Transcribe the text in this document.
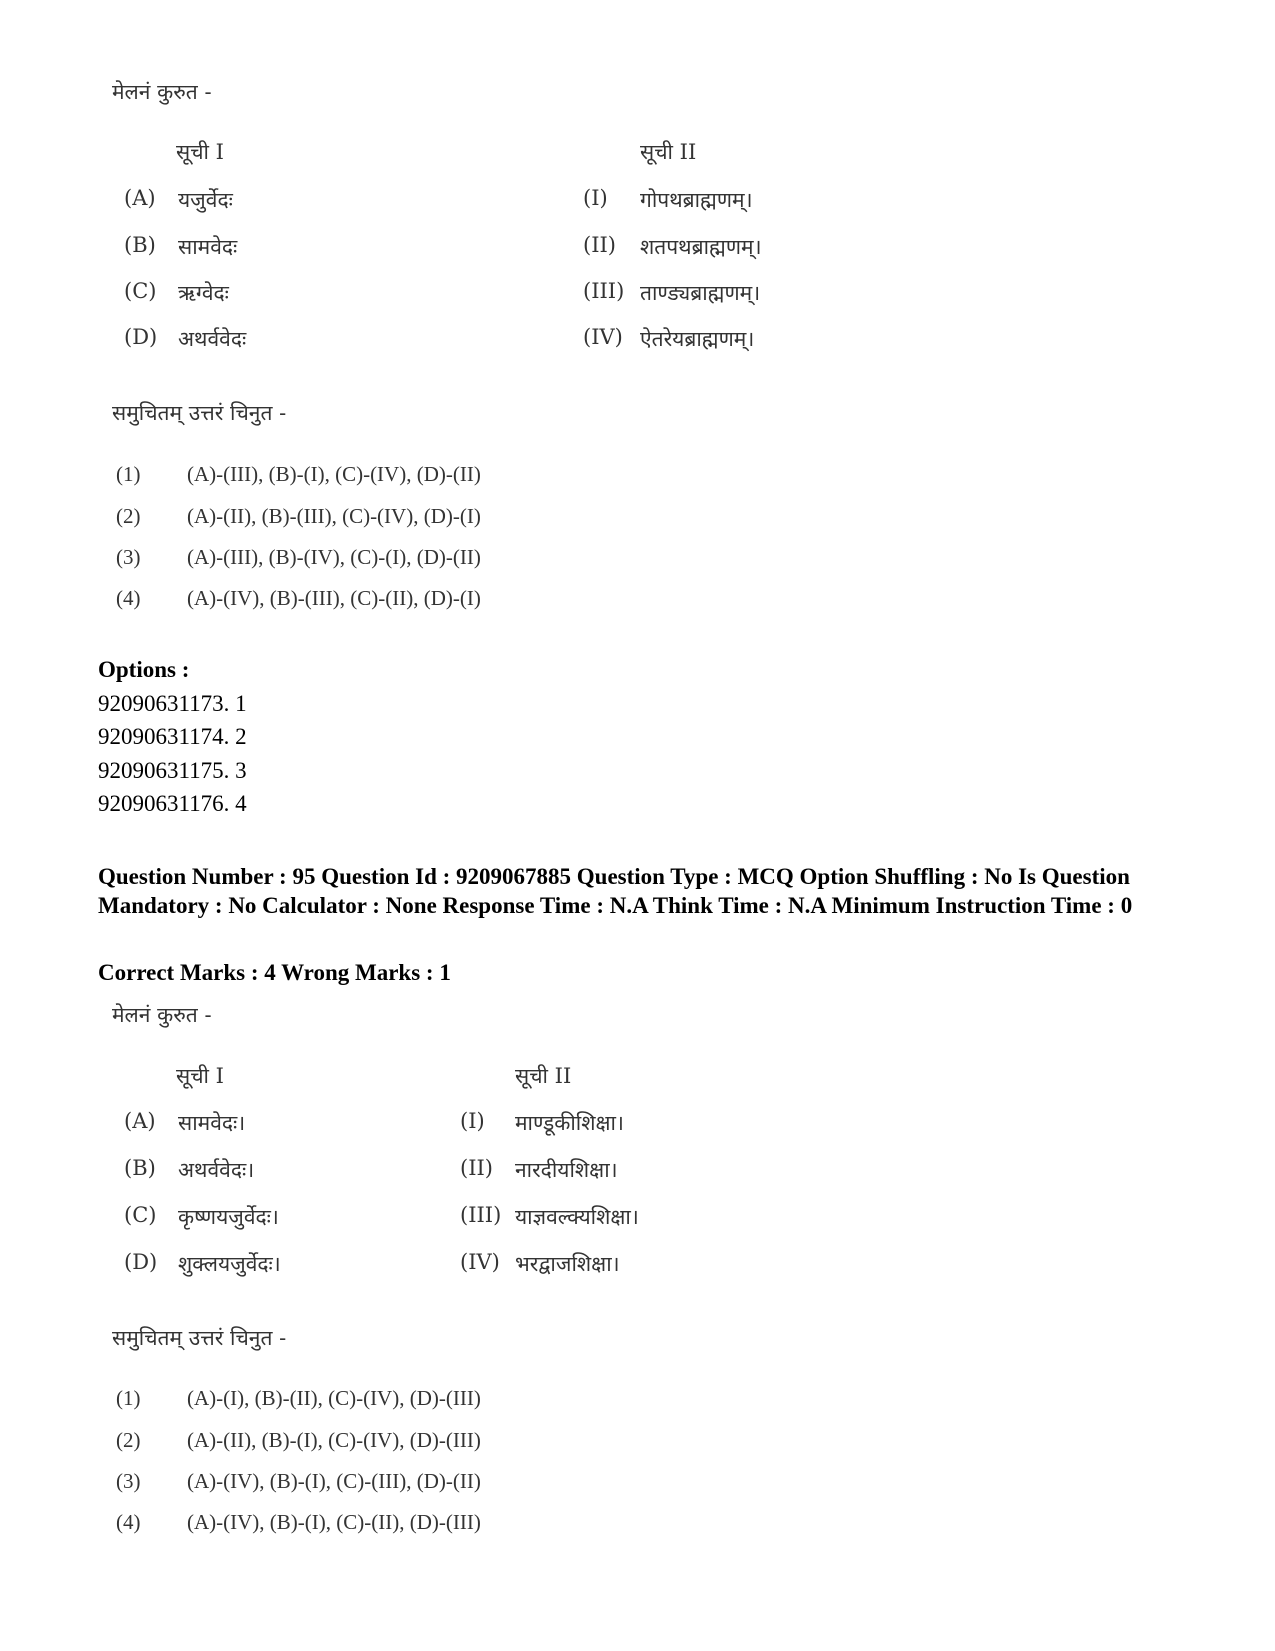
मेलनं कुरुत -
सूची I	सूची II
(A) यजुर्वेदः	(I) गोपथब्राह्मणम्।
(B) सामवेदः	(II) शतपथब्राह्मणम्।
(C) ऋग्वेदः	(III) ताण्ड्यब्राह्मणम्।
(D) अथर्ववेदः	(IV) ऐतरेयब्राह्मणम्।
समुचितम् उत्तरं चिनुत -
(1) (A)-(III), (B)-(I), (C)-(IV), (D)-(II)
(2) (A)-(II), (B)-(III), (C)-(IV), (D)-(I)
(3) (A)-(III), (B)-(IV), (C)-(I), (D)-(II)
(4) (A)-(IV), (B)-(III), (C)-(II), (D)-(I)
Options :
92090631173. 1
92090631174. 2
92090631175. 3
92090631176. 4
Question Number : 95 Question Id : 9209067885 Question Type : MCQ Option Shuffling : No Is Question Mandatory : No Calculator : None Response Time : N.A Think Time : N.A Minimum Instruction Time : 0
Correct Marks : 4 Wrong Marks : 1
मेलनं कुरुत -
सूची I	सूची II
(A) सामवेदः।	(I) माण्डूकीशिक्षा।
(B) अथर्ववेदः।	(II) नारदीयशिक्षा।
(C) कृष्णयजुर्वेदः।	(III) याज्ञवल्क्यशिक्षा।
(D) शुक्लयजुर्वेदः।	(IV) भरद्वाजशिक्षा।
समुचितम् उत्तरं चिनुत -
(1) (A)-(I), (B)-(II), (C)-(IV), (D)-(III)
(2) (A)-(II), (B)-(I), (C)-(IV), (D)-(III)
(3) (A)-(IV), (B)-(I), (C)-(III), (D)-(II)
(4) (A)-(IV), (B)-(I), (C)-(II), (D)-(III)
